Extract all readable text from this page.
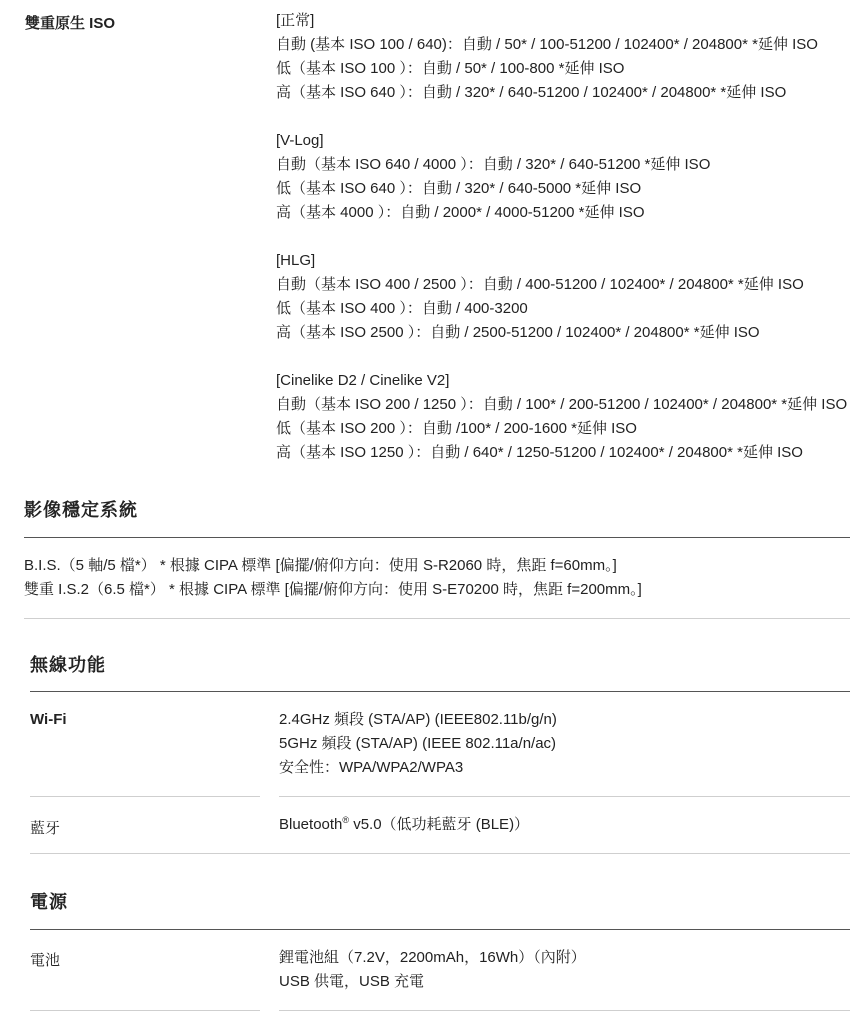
雙重原生 ISO	[正常]
自動 (基本 ISO 100 / 640)：自動 / 50* / 100-51200 / 102400* / 204800* *延伸 ISO
低（基本 ISO 100 ）：自動 / 50* / 100-800 *延伸 ISO
高（基本 ISO 640 ）：自動 / 320* / 640-51200 / 102400* / 204800* *延伸 ISO
[V-Log]
自動（基本 ISO 640 / 4000 ）：自動 / 320* / 640-51200 *延伸 ISO
低（基本 ISO 640 ）：自動 / 320* / 640-5000 *延伸 ISO
高（基本 4000 ）：自動 / 2000* / 4000-51200 *延伸 ISO
[HLG]
自動（基本 ISO 400 / 2500 ）：自動 / 400-51200 / 102400* / 204800* *延伸 ISO
低（基本 ISO 400 ）：自動 / 400-3200
高（基本 ISO 2500 ）：自動 / 2500-51200 / 102400* / 204800* *延伸 ISO
[Cinelike D2 / Cinelike V2]
自動（基本 ISO 200 / 1250 ）：自動 / 100* / 200-51200 / 102400* / 204800* *延伸 ISO
低（基本 ISO 200 ）：自動 /100* / 200-1600 *延伸 ISO
高（基本 ISO 1250 ）：自動 / 640* / 1250-51200 / 102400* / 204800* *延伸 ISO
影像穩定系統
B.I.S.（5 軸/5 檔*） * 根據 CIPA 標準 [偏擺/俯仰方向：使用 S-R2060 時，焦距 f=60mm。]
雙重 I.S.2（6.5 檔*） * 根據 CIPA 標準 [偏擺/俯仰方向：使用 S-E70200 時，焦距 f=200mm。]
無線功能
Wi-Fi	2.4GHz 頻段 (STA/AP) (IEEE802.11b/g/n)
5GHz 頻段 (STA/AP) (IEEE 802.11a/n/ac)
安全性：WPA/WPA2/WPA3
藍牙	Bluetooth® v5.0（低功耗藍牙 (BLE)）
電源
電池	鋰電池組（7.2V，2200mAh，16Wh）（內附）
USB 供電，USB 充電
